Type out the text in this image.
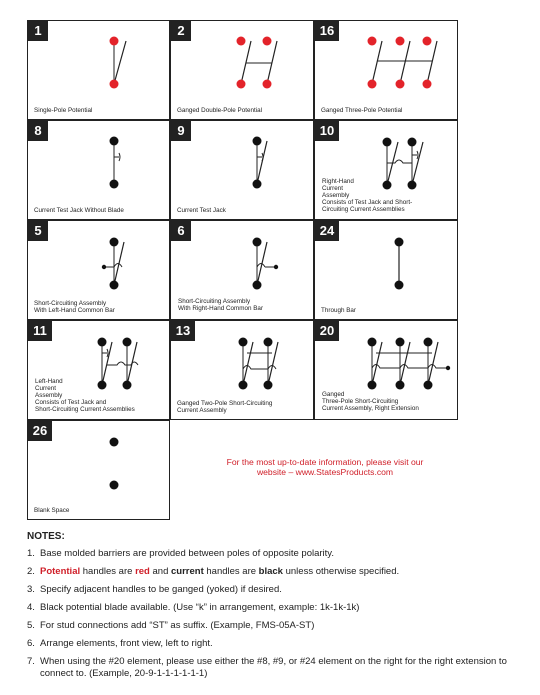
1
Single-Pole Potential
2
Ganged Double-Pole Potential
16
Ganged Three-Pole Potential
8
Current Test Jack Without Blade
9
Current Test Jack
10
Right-Hand
Current
Assembly
Consists of Test Jack and Short-
Circuiting Current Assemblies
5
Short-Circuiting Assembly
With Left-Hand Common Bar
6
Short-Circuiting Assembly
With Right-Hand Common Bar
24
Through Bar
11
Left-Hand
Current
Assembly
Consists of Test Jack and
Short-Circuiting Current Assemblies
13
Ganged Two-Pole Short-Circuiting
Current Assembly
20
Ganged
Three-Pole Short-Circuiting
Current Assembly, Right Extension
26
Blank Space
For the most up-to-date information, please visit our
website – www.StatesProducts.com
NOTES:
1. Base molded barriers are provided between poles of opposite polarity.
2. Potential handles are red and current handles are black unless otherwise specified.
3. Specify adjacent handles to be ganged (yoked) if desired.
4. Black potential blade available. (Use “k” in arrangement, example: 1k-1k-1k)
5. For stud connections add “ST” as suffix. (Example, FMS-05A-ST)
6. Arrange elements, front view, left to right.
7. When using the #20 element, please use either the #8, #9, or #24 element on the right for the right extension to connect to. (Example, 20-9-1-1-1-1-1-1)
